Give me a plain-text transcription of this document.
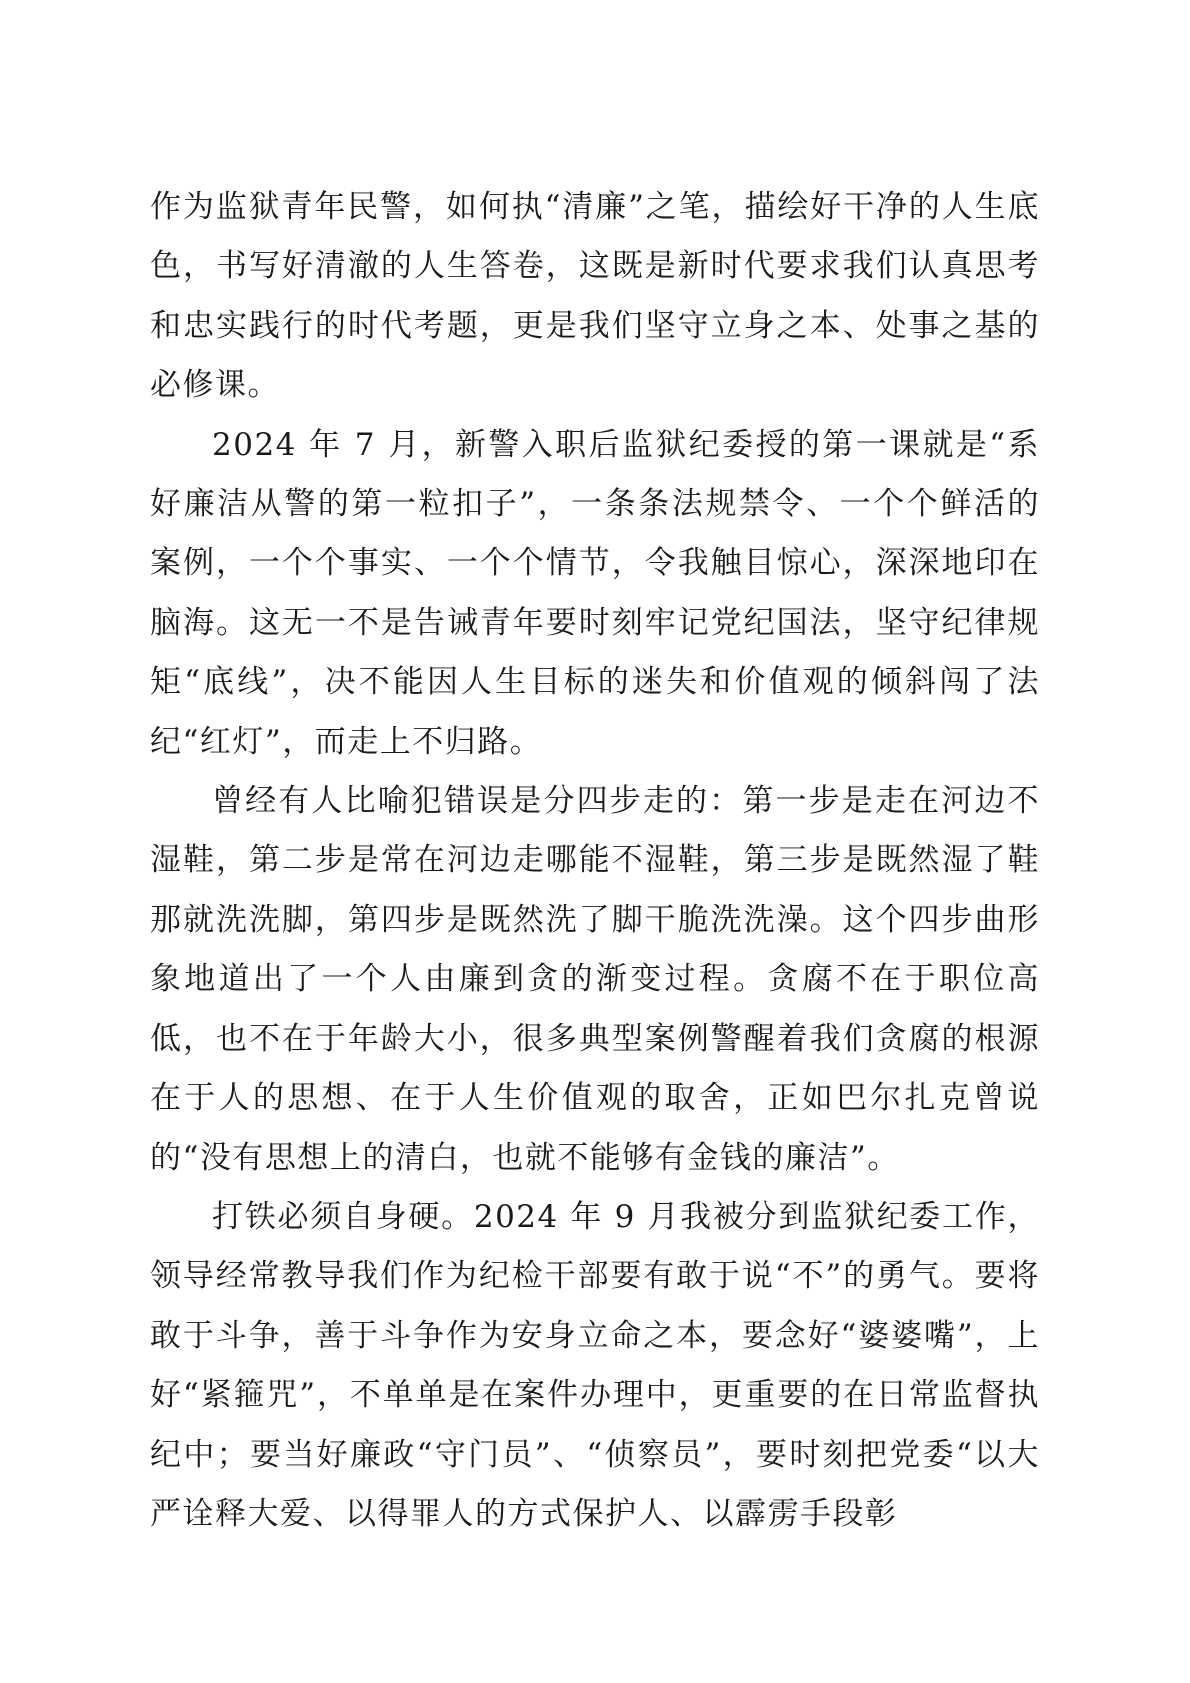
作为监狱青年民警，如何执“清廉”之笔，描绘好干净的人生底色，书写好清澈的人生答卷，这既是新时代要求我们认真思考和忠实践行的时代考题，更是我们坚守立身之本、处事之基的必修课。

2024 年 7 月，新警入职后监狱纪委授的第一课就是“系好廉洁从警的第一粒扣子”，一条条法规禁令、一个个鲜活的案例，一个个事实、一个个情节，令我触目惊心，深深地印在脑海。这无一不是告诫青年要时刻牢记党纪国法，坚守纪律规矩“底线”，决不能因人生目标的迷失和价值观的倾斜闯了法纪“红灯”，而走上不归路。

曾经有人比喻犯错误是分四步走的：第一步是走在河边不湿鞋，第二步是常在河边走哪能不湿鞋，第三步是既然湿了鞋那就洗洗脚，第四步是既然洗了脚干脆洗洗澡。这个四步曲形象地道出了一个人由廉到贪的渐变过程。贪腐不在于职位高低，也不在于年龄大小，很多典型案例警醒着我们贪腐的根源在于人的思想、在于人生价值观的取舍，正如巴尔扎克曾说的“没有思想上的清白，也就不能够有金钱的廉洁”。

打铁必须自身硬。2024 年 9 月我被分到监狱纪委工作，领导经常教导我们作为纪检干部要有敢于说“不”的勇气。要将敢于斗争，善于斗争作为安身立命之本，要念好“婆婆嘴”，上好“紧箍咒”，不单单是在案件办理中，更重要的在日常监督执纪中；要当好廉政“守门员”、“侦察员”，要时刻把党委“以大严诠释大爱、以得罪人的方式保护人、以霹雳手段彰
